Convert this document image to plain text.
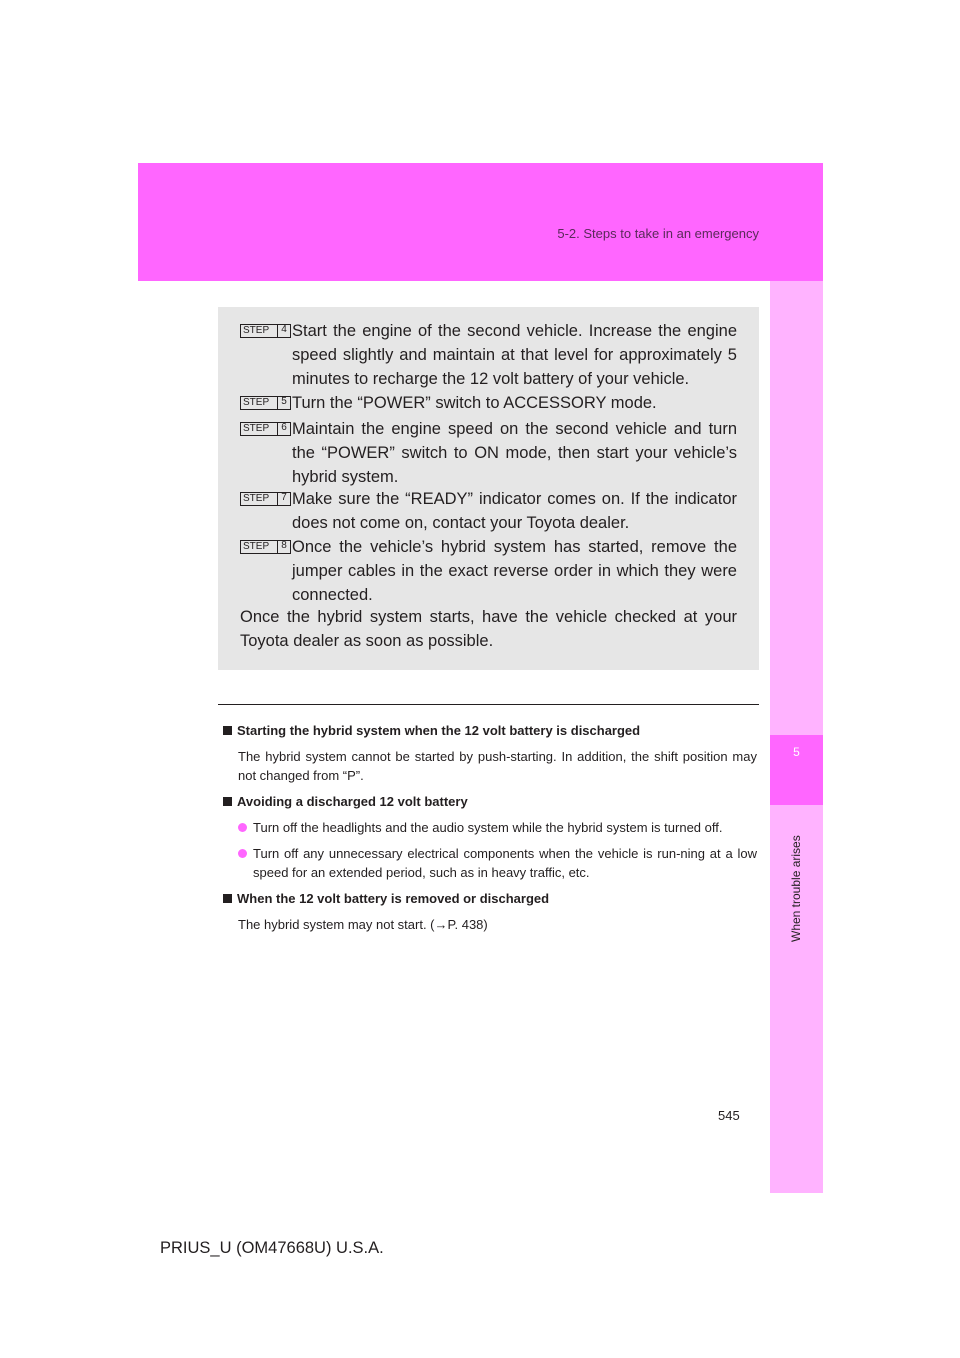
5-2. Steps to take in an emergency
5
When trouble arises
STEP	4 Start the engine of the second vehicle. Increase the engine speed slightly and maintain at that level for approximately 5 minutes to recharge the 12 volt battery of your vehicle.
STEP	5 Turn the “POWER” switch to ACCESSORY mode.
STEP	6 Maintain the engine speed on the second vehicle and turn the “POWER” switch to ON mode, then start your vehicle’s hybrid system.
STEP	7 Make sure the “READY” indicator comes on. If the indicator does not come on, contact your Toyota dealer.
STEP	8 Once the vehicle’s hybrid system has started, remove the jumper cables in the exact reverse order in which they were connected.
Once the hybrid system starts, have the vehicle checked at your Toyota dealer as soon as possible.
Starting the hybrid system when the 12 volt battery is discharged
The hybrid system cannot be started by push-starting. In addition, the shift position may not changed from “P”.
Avoiding a discharged 12 volt battery
Turn off the headlights and the audio system while the hybrid system is turned off.
Turn off any unnecessary electrical components when the vehicle is run-ning at a low speed for an extended period, such as in heavy traffic, etc.
When the 12 volt battery is removed or discharged
The hybrid system may not start. (→P. 438)
545
PRIUS_U (OM47668U) U.S.A.
